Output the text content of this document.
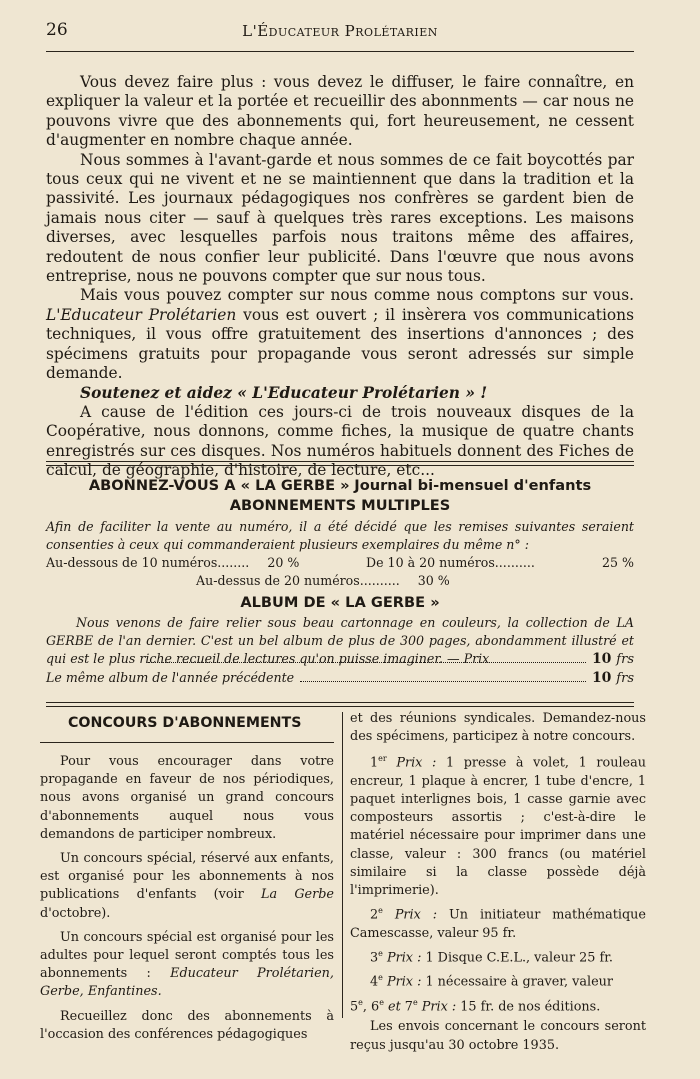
26	L'Éducateur Prolétarien

Vous devez faire plus : vous devez le diffuser, le faire connaître, en expliquer la valeur et la portée et recueillir des abonnments — car nous ne pouvons vivre que des abonnements qui, fort heureusement, ne cessent d'augmenter en nombre chaque année.

Nous sommes à l'avant-garde et nous sommes de ce fait boycottés par tous ceux qui ne vivent et ne se maintiennent que dans la tradition et la passivité. Les journaux pédagogiques nos confrères se gardent bien de jamais nous citer — sauf à quelques très rares exceptions. Les maisons diverses, avec lesquelles parfois nous traitons même des affaires, redoutent de nous confier leur publicité. Dans l'œuvre que nous avons entreprise, nous ne pouvons compter que sur nous tous.

Mais vous pouvez compter sur nous comme nous comptons sur vous. L'Educateur Prolétarien vous est ouvert ; il insèrera vos communications techniques, il vous offre gratuitement des insertions d'annonces ; des spécimens gratuits pour propagande vous seront adressés sur simple demande.

Soutenez et aidez « L'Educateur Prolétarien » !

A cause de l'édition ces jours-ci de trois nouveaux disques de la Coopérative, nous donnons, comme fiches, la musique de quatre chants enregistrés sur ces disques. Nos numéros habituels donnent des Fiches de calcul, de géographie, d'histoire, de lecture, etc...

ABONNEZ-VOUS A « LA GERBE » Journal bi-mensuel d'enfants
ABONNEMENTS MULTIPLES
Afin de faciliter la vente au numéro, il a été décidé que les remises suivantes seraient consenties à ceux qui commanderaient plusieurs exemplaires du même n° :
Au-dessous de 10 numéros........ 20 %	De 10 à 20 numéros..........	25 %
Au-dessus de 20 numéros.......... 30 %
ALBUM DE « LA GERBE »
Nous venons de faire relier sous beau cartonnage en couleurs, la collection de LA GERBE de l'an dernier. C'est un bel album de plus de 300 pages, abondamment illustré et qui est le plus riche recueil de lectures qu'on puisse imaginer. — Prix	10 frs
Le même album de l'année précédente	10 frs
CONCOURS D'ABONNEMENTS

Pour vous encourager dans votre propagande en faveur de nos périodiques, nous avons organisé un grand concours d'abonnements auquel nous vous demandons de participer nombreux.

Un concours spécial, réservé aux enfants, est organisé pour les abonnements à nos publications d'enfants (voir La Gerbe d'octobre).

Un concours spécial est organisé pour les adultes pour lequel seront comptés tous les abonnements : Educateur Prolétarien, Gerbe, Enfantines.

Recueillez donc des abonnements à l'occasion des conférences pédagogiques

et des réunions syndicales. Demandez-nous des spécimens, participez à notre concours.

1er Prix : 1 presse à volet, 1 rouleau encreur, 1 plaque à encrer, 1 tube d'encre, 1 paquet interlignes bois, 1 casse garnie avec composteurs assortis ; c'est-à-dire le matériel nécessaire pour imprimer dans une classe, valeur : 300 francs (ou matériel similaire si la classe possède déjà l'imprimerie).

2e Prix : Un initiateur mathématique Camescasse, valeur 95 fr.

3e Prix : 1 Disque C.E.L., valeur 25 fr.

4e Prix : 1 nécessaire à graver, valeur

5e, 6e et 7e Prix : 15 fr. de nos éditions.

Les envois concernant le concours seront reçus jusqu'au 30 octobre 1935.
